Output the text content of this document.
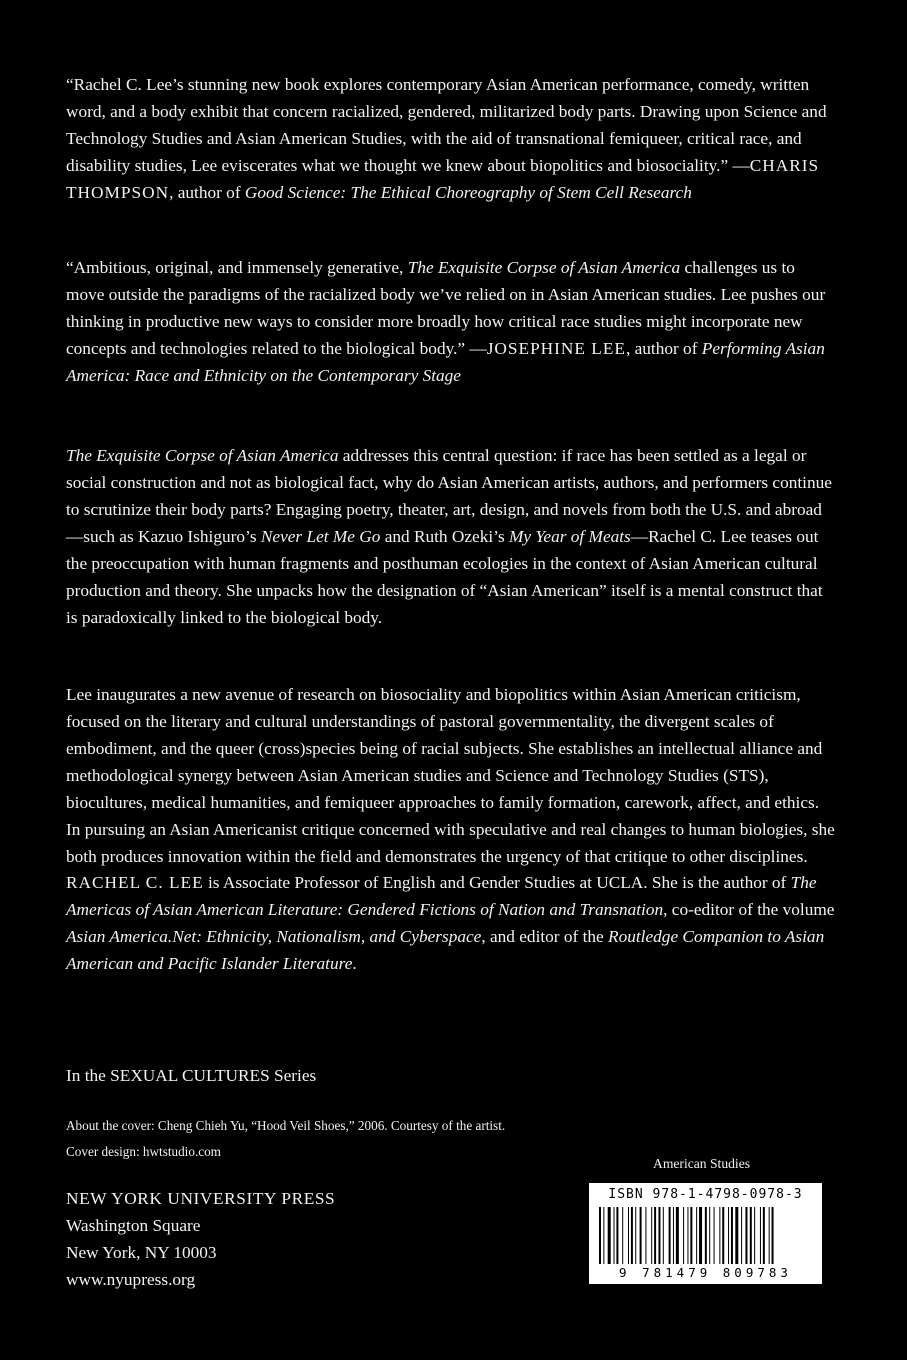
“Rachel C. Lee’s stunning new book explores contemporary Asian American performance, comedy, written word, and a body exhibit that concern racialized, gendered, militarized body parts. Drawing upon Science and Technology Studies and Asian American Studies, with the aid of transnational femiqueer, critical race, and disability studies, Lee eviscerates what we thought we knew about biopolitics and biosociality.” —CHARIS THOMPSON, author of Good Science: The Ethical Choreography of Stem Cell Research

“Ambitious, original, and immensely generative, The Exquisite Corpse of Asian America challenges us to move outside the paradigms of the racialized body we’ve relied on in Asian American studies. Lee pushes our thinking in productive new ways to consider more broadly how critical race studies might incorporate new concepts and technologies related to the biological body.” —JOSEPHINE LEE, author of Performing Asian America: Race and Ethnicity on the Contemporary Stage

The Exquisite Corpse of Asian America addresses this central question: if race has been settled as a legal or social construction and not as biological fact, why do Asian American artists, authors, and performers continue to scrutinize their body parts? Engaging poetry, theater, art, design, and novels from both the U.S. and abroad—such as Kazuo Ishiguro’s Never Let Me Go and Ruth Ozeki’s My Year of Meats—Rachel C. Lee teases out the preoccupation with human fragments and posthuman ecologies in the context of Asian American cultural production and theory. She unpacks how the designation of “Asian American” itself is a mental construct that is paradoxically linked to the biological body.

Lee inaugurates a new avenue of research on biosociality and biopolitics within Asian American criticism, focused on the literary and cultural understandings of pastoral governmentality, the divergent scales of embodiment, and the queer (cross)species being of racial subjects. She establishes an intellectual alliance and methodological synergy between Asian American studies and Science and Technology Studies (STS), biocultures, medical humanities, and femiqueer approaches to family formation, carework, affect, and ethics. In pursuing an Asian Americanist critique concerned with speculative and real changes to human biologies, she both produces innovation within the field and demonstrates the urgency of that critique to other disciplines.

RACHEL C. LEE is Associate Professor of English and Gender Studies at UCLA. She is the author of The Americas of Asian American Literature: Gendered Fictions of Nation and Transnation, co-editor of the volume Asian America.Net: Ethnicity, Nationalism, and Cyberspace, and editor of the Routledge Companion to Asian American and Pacific Islander Literature.

In the SEXUAL CULTURES Series

About the cover: Cheng Chieh Yu, “Hood Veil Shoes,” 2006. Courtesy of the artist.

Cover design: hwtstudio.com

NEW YORK UNIVERSITY PRESS

Washington Square

New York, NY 10003

www.nyupress.org

American Studies
ISBN 978-1-4798-0978-3
9 781479 809783
